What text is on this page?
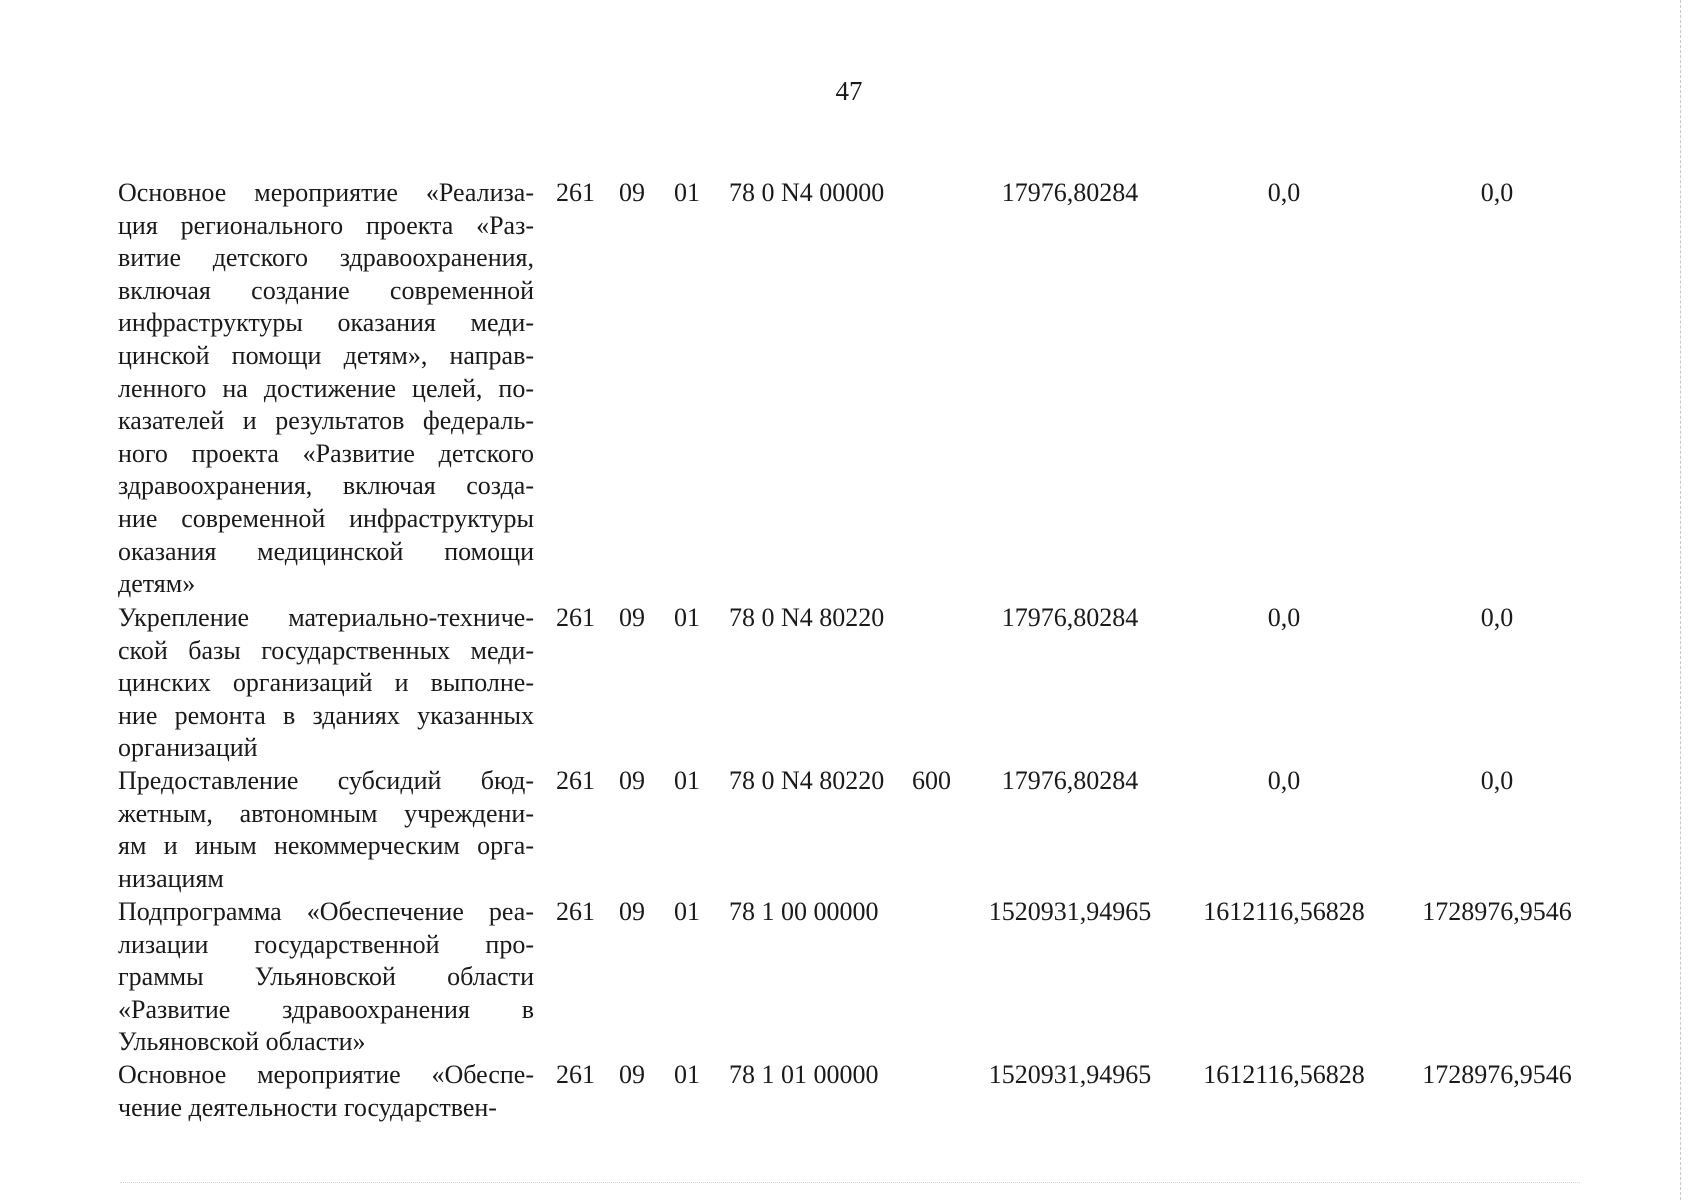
47
Основное мероприятие «Реализа-
ция регионального проекта «Раз-
витие детского здравоохранения,
включая создание современной
инфраструктуры оказания меди-
цинской помощи детям», направ-
ленного на достижение целей, по-
казателей и результатов федераль-
ного проекта «Развитие детского
здравоохранения, включая созда-
ние современной инфраструктуры
оказания медицинской помощи
детям»
261 09 01 78 0 N4 00000	17976,80284	0,0	0,0
Укрепление материально-техниче-
ской базы государственных меди-
цинских организаций и выполне-
ние ремонта в зданиях указанных
организаций
261 09 01 78 0 N4 80220	17976,80284	0,0	0,0
Предоставление субсидий бюд-
жетным, автономным учреждени-
ям и иным некоммерческим орга-
низациям
261 09 01 78 0 N4 80220 600	17976,80284	0,0	0,0
Подпрограмма «Обеспечение реа-
лизации государственной про-
граммы Ульяновской области
«Развитие здравоохранения в
Ульяновской области»
261 09 01 78 1 00 00000	1520931,94965	1612116,56828	1728976,9546
Основное мероприятие «Обеспе-
чение деятельности государствен-
261 09 01 78 1 01 00000	1520931,94965	1612116,56828	1728976,9546
